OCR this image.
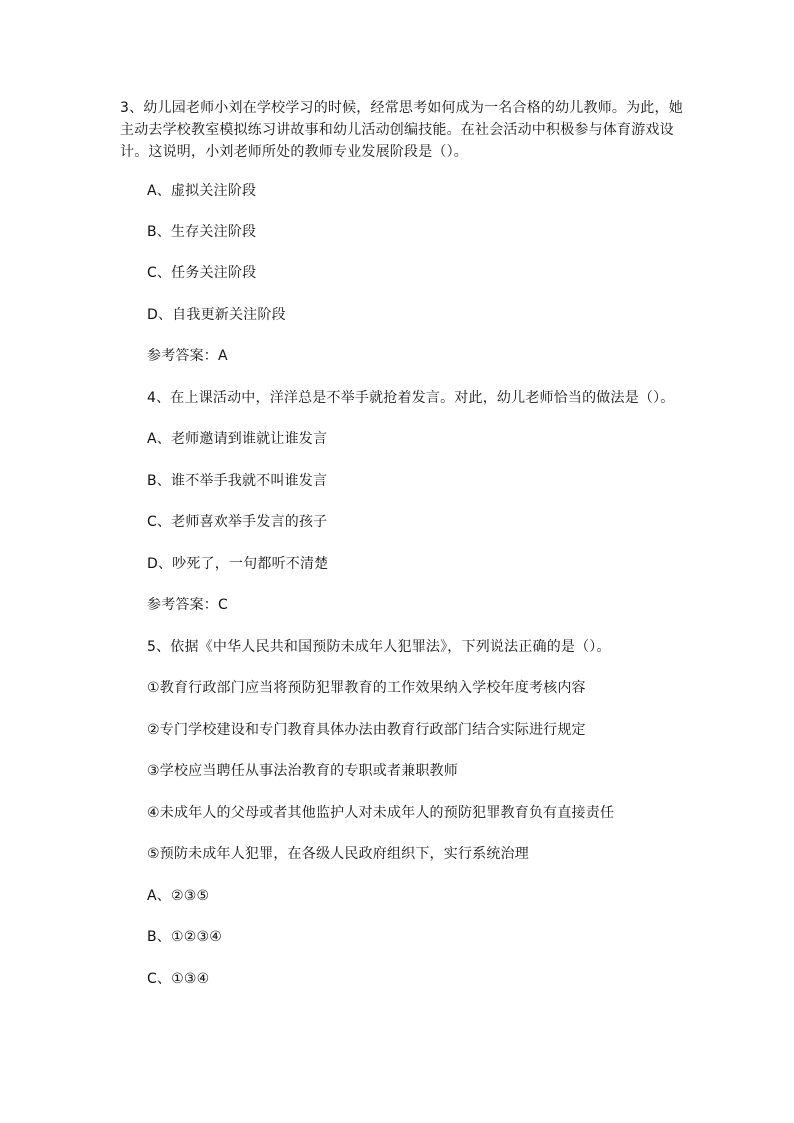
3、幼儿园老师小刘在学校学习的时候，经常思考如何成为一名合格的幼儿教师。为此，她
主动去学校教室模拟练习讲故事和幼儿活动创编技能。在社会活动中积极参与体育游戏设
计。这说明，小刘老师所处的教师专业发展阶段是（）。
A、虚拟关注阶段
B、生存关注阶段
C、任务关注阶段
D、自我更新关注阶段
参考答案：A
4、在上课活动中，洋洋总是不举手就抢着发言。对此，幼儿老师恰当的做法是（）。
A、老师邀请到谁就让谁发言
B、谁不举手我就不叫谁发言
C、老师喜欢举手发言的孩子
D、吵死了，一句都听不清楚
参考答案：C
5、依据《中华人民共和国预防未成年人犯罪法》，下列说法正确的是（）。
①教育行政部门应当将预防犯罪教育的工作效果纳入学校年度考核内容
②专门学校建设和专门教育具体办法由教育行政部门结合实际进行规定
③学校应当聘任从事法治教育的专职或者兼职教师
④未成年人的父母或者其他监护人对未成年人的预防犯罪教育负有直接责任
⑤预防未成年人犯罪，在各级人民政府组织下，实行系统治理
A、②③⑤
B、①②③④
C、①③④
